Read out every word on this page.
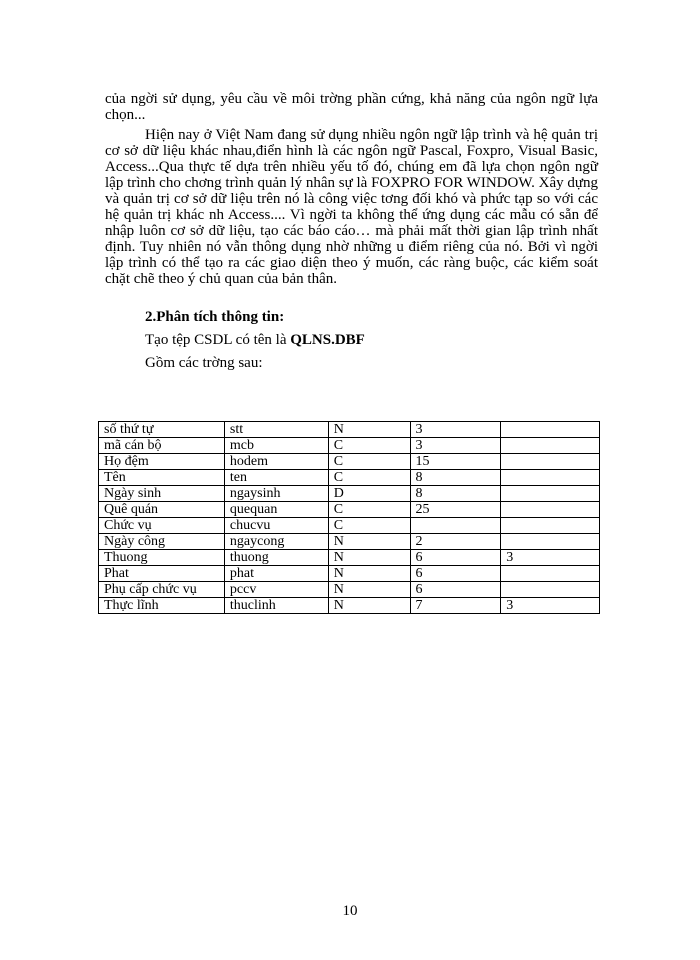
của ngời sử dụng, yêu cầu về môi trờng phần cứng, khả năng của ngôn ngữ lựa chọn...
Hiện nay ở Việt Nam đang sử dụng nhiều ngôn ngữ lập trình và hệ quản trị cơ sở dữ liệu khác nhau,điển hình là các ngôn ngữ Pascal, Foxpro, Visual Basic, Access...Qua thực tế dựa trên nhiều yếu tố đó, chúng em đã lựa chọn ngôn ngữ lập trình cho chơng trình quản lý nhân sự là FOXPRO FOR WINDOW. Xây dựng và quản trị cơ sở dữ liệu trên nó là công việc tơng đối khó và phức tạp so với các hệ quản trị khác nh Access.... Vì ngời ta không thể ứng dụng các mẫu có sẵn để nhập luôn cơ sở dữ liệu, tạo các báo cáo… mà phải mất thời gian lập trình nhất định. Tuy nhiên nó vẫn thông dụng nhờ những u điểm riêng của nó. Bởi vì ngời lập trình có thể tạo ra các giao diện theo ý muốn, các ràng buộc, các kiểm soát chặt chẽ theo ý chủ quan của bản thân.

2.Phân tích thông tin:

Tạo tệp CSDL có tên là QLNS.DBF

Gồm các trờng sau:

số thứ tự	stt	N	3	
mã cán bộ	mcb	C	3	
Họ đệm	hodem	C	15	
Tên	ten	C	8	
Ngày sinh	ngaysinh	D	8	
Quê quán	quequan	C	25	
Chức vụ	chucvu	C		
Ngày công	ngaycong	N	2	
Thuong	thuong	N	6	3
Phat	phat	N	6	
Phụ cấp chức vụ	pccv	N	6	
Thực lĩnh	thuclinh	N	7	3
10
